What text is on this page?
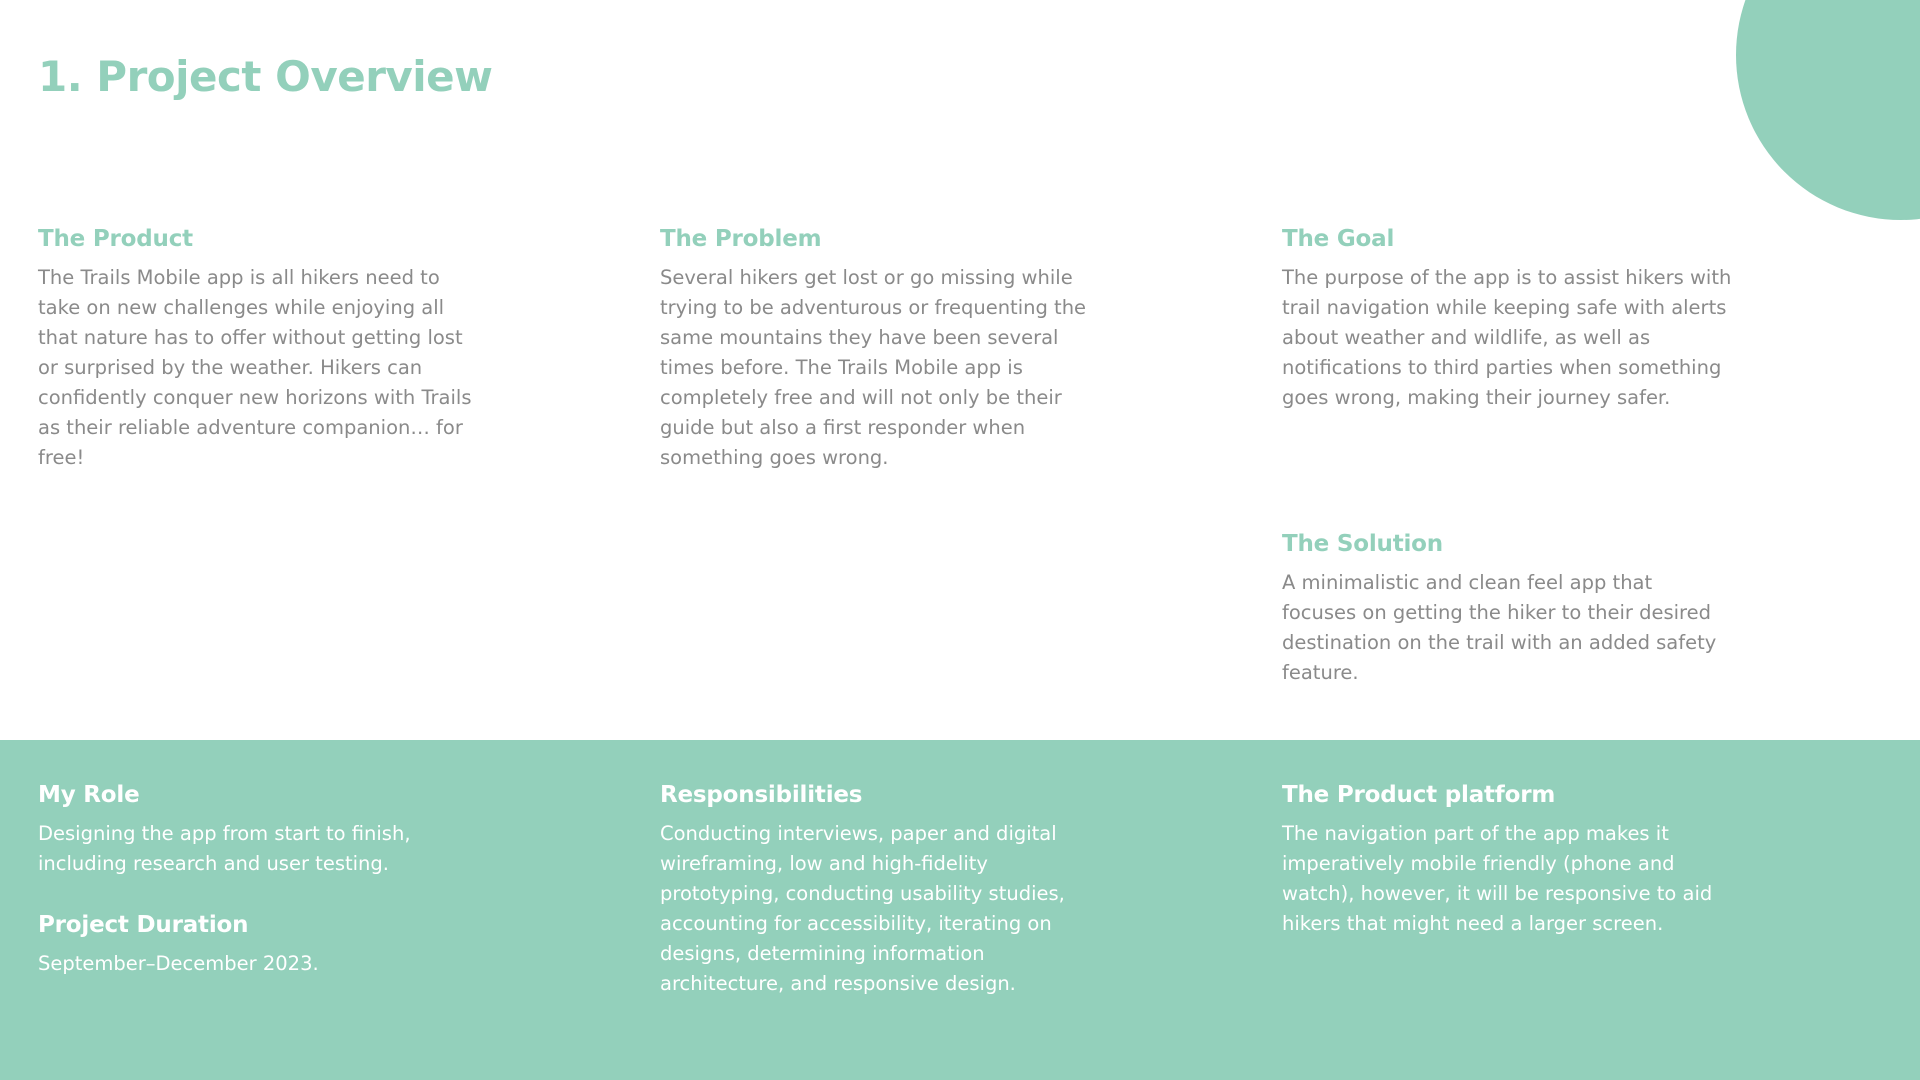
1. Project Overview
The Product

The Trails Mobile app is all hikers need to take on new challenges while enjoying all that nature has to offer without getting lost or surprised by the weather. Hikers can confidently conquer new horizons with Trails as their reliable adventure companion… for free!

The Problem

Several hikers get lost or go missing while trying to be adventurous or frequenting the same mountains they have been several times before. The Trails Mobile app is completely free and will not only be their guide but also a first responder when something goes wrong.

The Goal

The purpose of the app is to assist hikers with trail navigation while keeping safe with alerts about weather and wildlife, as well as notifications to third parties when something goes wrong, making their journey safer.

The Solution

A minimalistic and clean feel app that focuses on getting the hiker to their desired destination on the trail with an added safety feature.

My Role

Designing the app from start to finish, including research and user testing.

Project Duration

September–December 2023.

Responsibilities

Conducting interviews, paper and digital wireframing, low and high-fidelity prototyping, conducting usability studies, accounting for accessibility, iterating on designs, determining information architecture, and responsive design.

The Product platform

The navigation part of the app makes it imperatively mobile friendly (phone and watch), however, it will be responsive to aid hikers that might need a larger screen.
